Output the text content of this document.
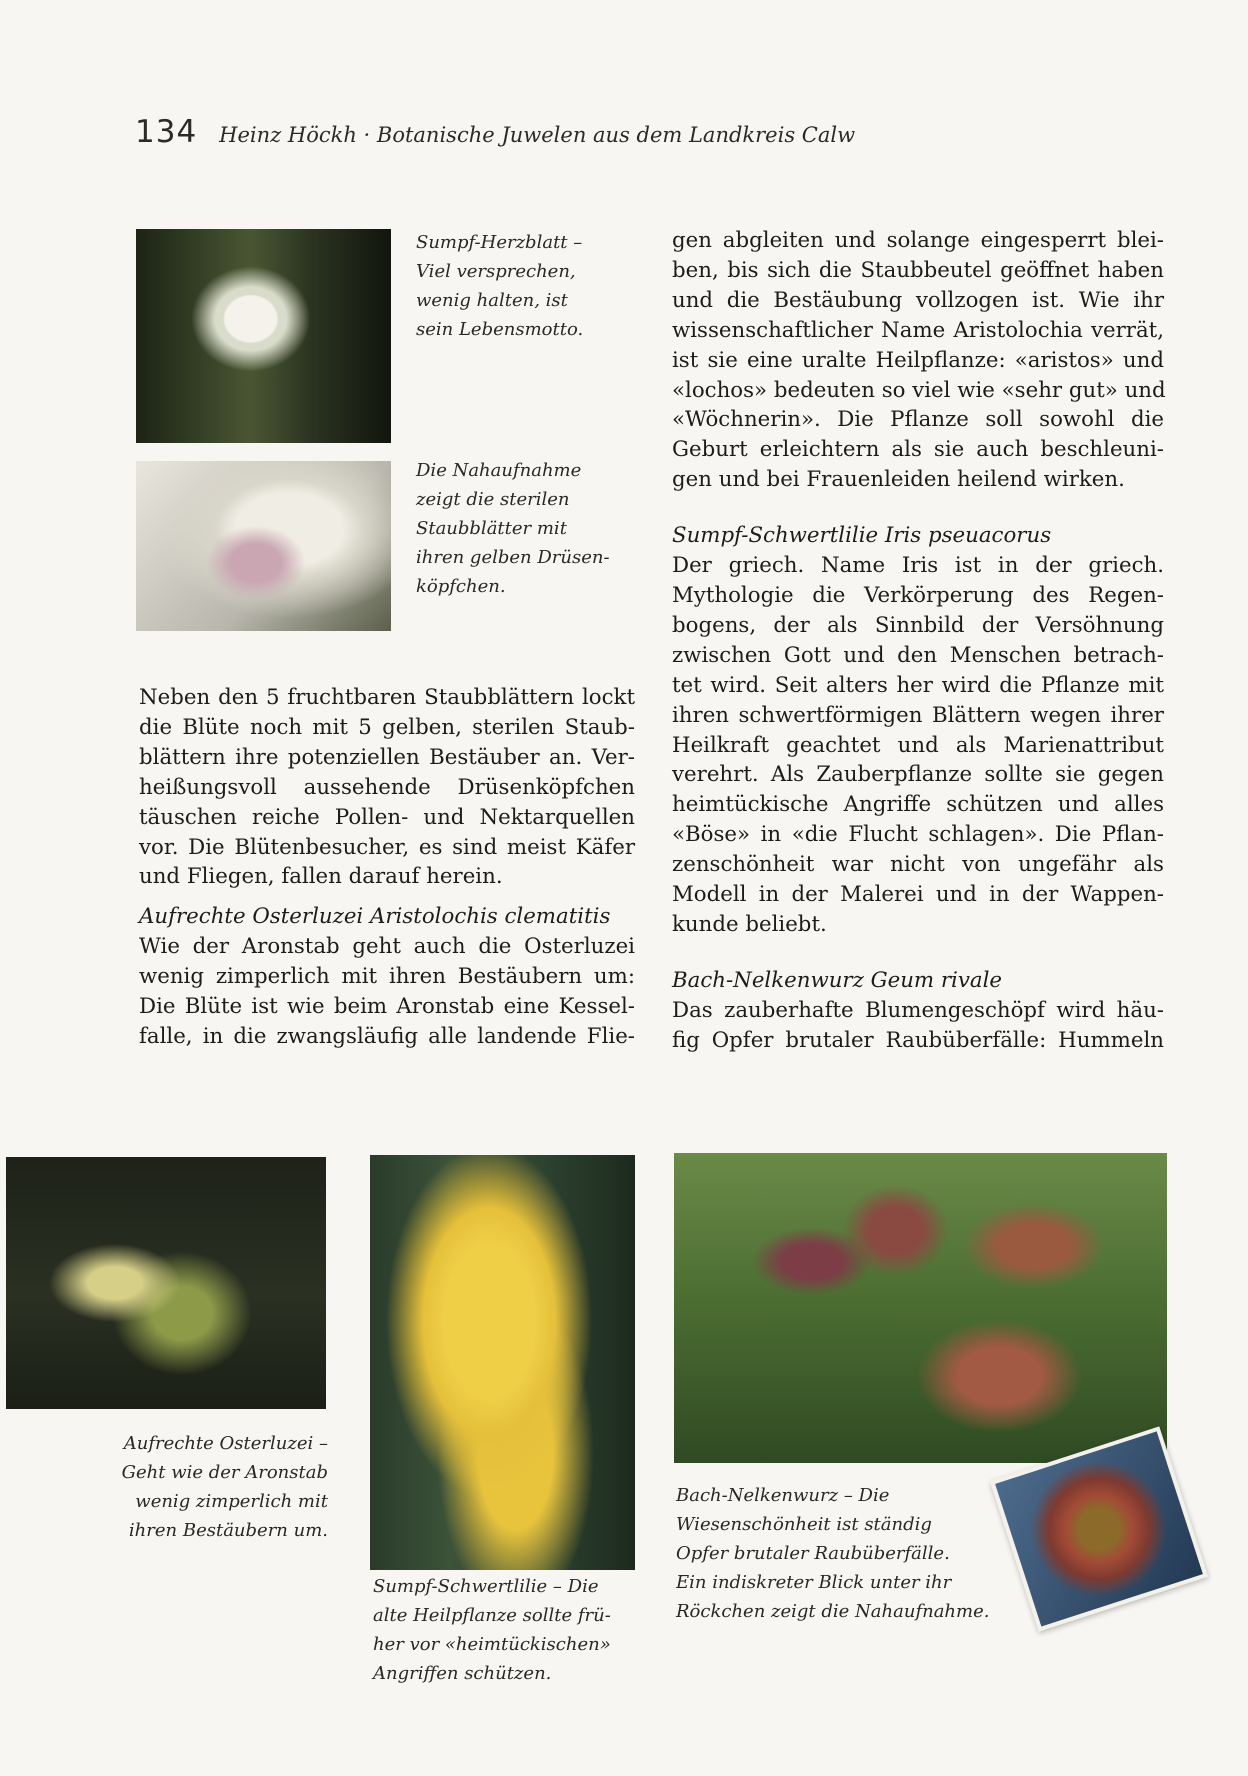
134 Heinz Höckh · Botanische Juwelen aus dem Landkreis Calw
Sumpf-Herzblatt –
Viel versprechen,
wenig halten, ist
sein Lebensmotto.
Die Nahaufnahme
zeigt die sterilen
Staubblätter mit
ihren gelben Drüsen-
köpfchen.
Aufrechte Osterluzei –
Geht wie der Aronstab
wenig zimperlich mit
ihren Bestäubern um.
Sumpf-Schwertlilie – Die
alte Heilpflanze sollte frü-
her vor «heimtückischen»
Angriffen schützen.
Bach-Nelkenwurz – Die
Wiesenschönheit ist ständig
Opfer brutaler Raubüberfälle.
Ein indiskreter Blick unter ihr
Röckchen zeigt die Nahaufnahme.
Neben den 5 fruchtbaren Staubblättern lockt
die Blüte noch mit 5 gelben, sterilen Staub-
blättern ihre potenziellen Bestäuber an. Ver-
heißungsvoll aussehende Drüsenköpfchen
täuschen reiche Pollen- und Nektarquellen
vor. Die Blütenbesucher, es sind meist Käfer
und Fliegen, fallen darauf herein.
Aufrechte Osterluzei Aristolochis clematitis
Wie der Aronstab geht auch die Osterluzei
wenig zimperlich mit ihren Bestäubern um:
Die Blüte ist wie beim Aronstab eine Kessel-
falle, in die zwangsläufig alle landende Flie-
gen abgleiten und solange eingesperrt blei-
ben, bis sich die Staubbeutel geöffnet haben
und die Bestäubung vollzogen ist. Wie ihr
wissenschaftlicher Name Aristolochia verrät,
ist sie eine uralte Heilpflanze: «aristos» und
«lochos» bedeuten so viel wie «sehr gut» und
«Wöchnerin». Die Pflanze soll sowohl die
Geburt erleichtern als sie auch beschleuni-
gen und bei Frauenleiden heilend wirken.
Sumpf-Schwertlilie Iris pseuacorus
Der griech. Name Iris ist in der griech.
Mythologie die Verkörperung des Regen-
bogens, der als Sinnbild der Versöhnung
zwischen Gott und den Menschen betrach-
tet wird. Seit alters her wird die Pflanze mit
ihren schwertförmigen Blättern wegen ihrer
Heilkraft geachtet und als Marienattribut
verehrt. Als Zauberpflanze sollte sie gegen
heimtückische Angriffe schützen und alles
«Böse» in «die Flucht schlagen». Die Pflan-
zenschönheit war nicht von ungefähr als
Modell in der Malerei und in der Wappen-
kunde beliebt.
Bach-Nelkenwurz Geum rivale
Das zauberhafte Blumengeschöpf wird häu-
fig Opfer brutaler Raubüberfälle: Hummeln
